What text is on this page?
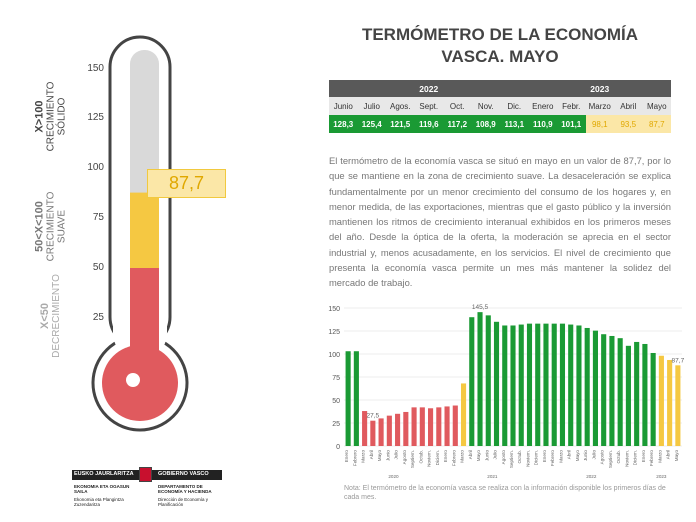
150
125
100
75
50
25
X>100 CRECIMIENTO SÓLIDO
50<X<100 CRECIMIENTO SUAVE
X<50 DECRECIMIENTO
87,7
TERMÓMETRO DE LA ECONOMÍA VASCA. MAYO
2022							2023				
Junio	Julio	Agos.	Sept.	Oct.	Nov.	Dic.	Enero	Febr.	Marzo	Abril	Mayo
128,3	125,4	121,5	119,6	117,2	108,9	113,1	110,9	101,1	98,1	93,5	87,7

El termómetro de la economía vasca se situó en mayo en un valor de 87,7, por lo que se mantiene en la zona de crecimiento suave. La desaceleración se explica fundamentalmente por un menor crecimiento del consumo de los hogares y, en menor medida, de las exportaciones, mientras que el gasto público y la inversión mantienen los ritmos de crecimiento interanual exhibidos en los primeros meses del año. Desde la óptica de la oferta, la moderación se aprecia en el sector industrial y, menos acusadamente, en los servicios. El nivel de crecimiento que presenta la economía vasca permite un mes más mantener la solidez del mercado de trabajo.

0
25
50
75
100
125
150
Enero Febrero Marzo Abril Mayo Junio Julio Agosto Septiem. Octub. Noviem. Diciem. Enero Febrero Marzo Abril Mayo Junio Julio Agosto Septiem. Octub. Noviem. Diciem. Enero Febrero Marzo Abril Mayo Junio Julio Agosto Septiem. Octub. Noviem. Diciem. Enero Febrero Marzo Abril Mayo
27,5
145,5
87,7
2020	2021	2022	2023
Nota: El termómetro de la economía vasca se realiza con la información disponible los primeros días de cada mes.
EUSKO JAURLARITZA	GOBIERNO VASCO
EKONOMIA ETA OGASUN SAILA
Ekonomia eta Plangintza Zuzendaritza
DEPARTAMENTO DE ECONOMÍA Y HACIENDA
Dirección de Economía y Planificación
